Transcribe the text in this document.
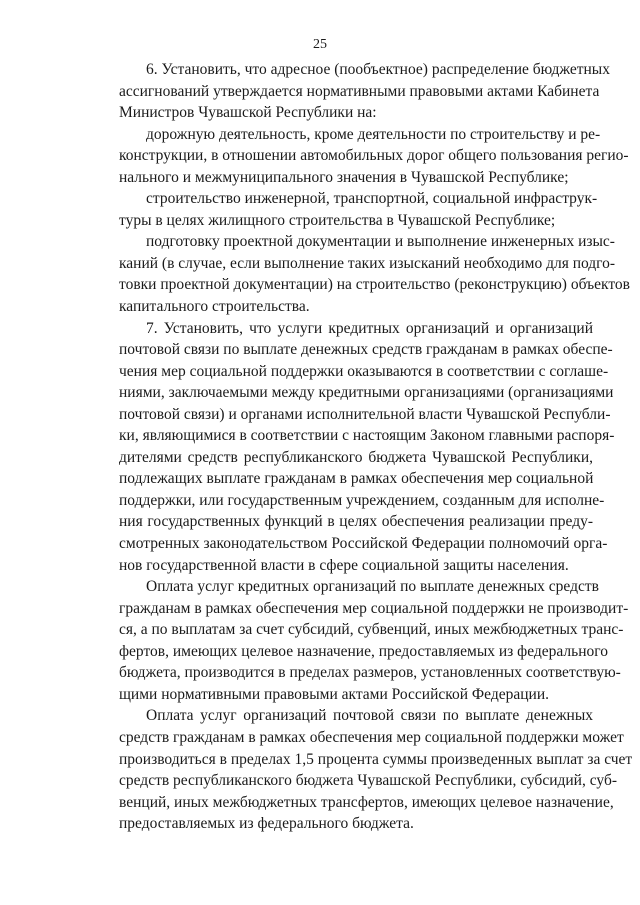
25
6. Установить, что адресное (пообъектное) распределение бюджетных
ассигнований утверждается нормативными правовыми актами Кабинета
Министров Чувашской Республики на:
дорожную деятельность, кроме деятельности по строительству и ре-
конструкции, в отношении автомобильных дорог общего пользования регио-
нального и межмуниципального значения в Чувашской Республике;
строительство инженерной, транспортной, социальной инфраструк-
туры в целях жилищного строительства в Чувашской Республике;
подготовку проектной документации и выполнение инженерных изыс-
каний (в случае, если выполнение таких изысканий необходимо для подго-
товки проектной документации) на строительство (реконструкцию) объектов
капитального строительства.
7. Установить, что услуги кредитных организаций и организаций
почтовой связи по выплате денежных средств гражданам в рамках обеспе-
чения мер социальной поддержки оказываются в соответствии с соглаше-
ниями, заключаемыми между кредитными организациями (организациями
почтовой связи) и органами исполнительной власти Чувашской Республи-
ки, являющимися в соответствии с настоящим Законом главными распоря-
дителями средств республиканского бюджета Чувашской Республики,
подлежащих выплате гражданам в рамках обеспечения мер социальной
поддержки, или государственным учреждением, созданным для исполне-
ния государственных функций в целях обеспечения реализации преду-
смотренных законодательством Российской Федерации полномочий орга-
нов государственной власти в сфере социальной защиты населения.
Оплата услуг кредитных организаций по выплате денежных средств
гражданам в рамках обеспечения мер социальной поддержки не производит-
ся, а по выплатам за счет субсидий, субвенций, иных межбюджетных транс-
фертов, имеющих целевое назначение, предоставляемых из федерального
бюджета, производится в пределах размеров, установленных соответствую-
щими нормативными правовыми актами Российской Федерации.
Оплата услуг организаций почтовой связи по выплате денежных
средств гражданам в рамках обеспечения мер социальной поддержки может
производиться в пределах 1,5 процента суммы произведенных выплат за счет
средств республиканского бюджета Чувашской Республики, субсидий, суб-
венций, иных межбюджетных трансфертов, имеющих целевое назначение,
предоставляемых из федерального бюджета.
